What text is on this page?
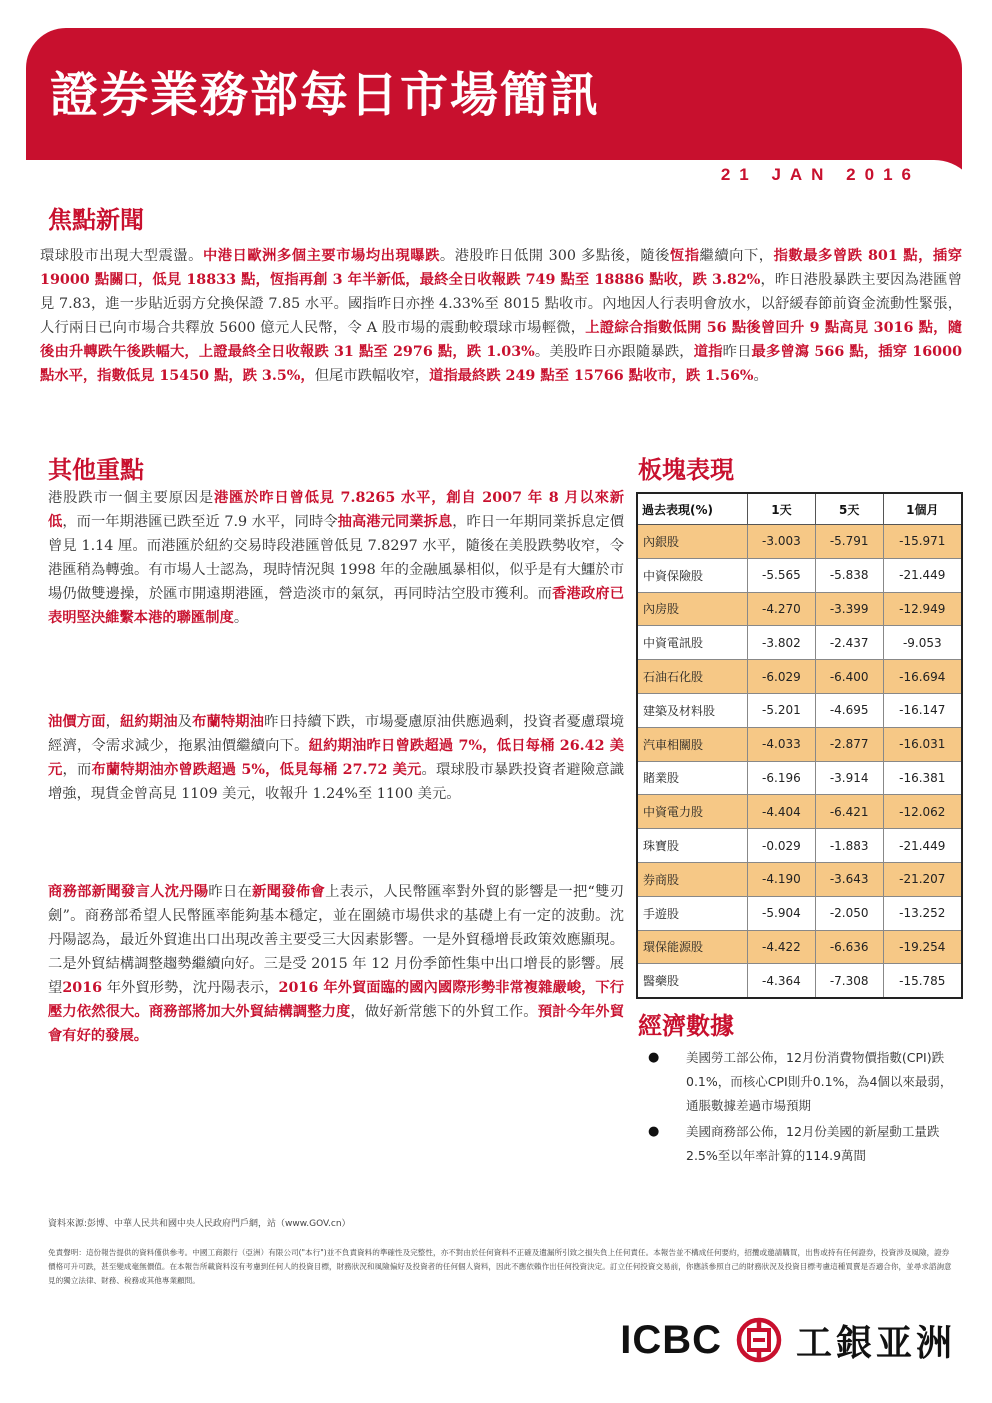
證券業務部每日市場簡訊
21 JAN 2016
焦點新聞
環球股市出現大型震盪。中港日歐洲多個主要市場均出現曝跌。港股昨日低開 300 多點後，隨後恆指繼續向下，指數最多曾跌 801 點，插穿 19000 點關口，低見 18833 點，恆指再創 3 年半新低，最終全日收報跌 749 點至 18886 點收，跌 3.82%，昨日港股暴跌主要因為港匯曾見 7.83，進一步貼近弱方兌換保證 7.85 水平。國指昨日亦挫 4.33%至 8015 點收市。內地因人行表明會放水，以舒緩春節前資金流動性緊張，人行兩日已向市場合共釋放 5600 億元人民幣，令 A 股市場的震動較環球市場輕微，上證綜合指數低開 56 點後曾回升 9 點高見 3016 點，隨後由升轉跌午後跌幅大，上證最終全日收報跌 31 點至 2976 點，跌 1.03%。美股昨日亦跟隨暴跌，道指昨日最多曾瀉 566 點，插穿 16000 點水平，指數低見 15450 點，跌 3.5%，但尾市跌幅收窄，道指最終跌 249 點至 15766 點收市，跌 1.56%。
其他重點
港股跌市一個主要原因是港匯於昨日曾低見 7.8265 水平，創自 2007 年 8 月以來新低，而一年期港匯已跌至近 7.9 水平，同時令抽高港元同業拆息，昨日一年期同業拆息定價曾見 1.14 厘。而港匯於紐約交易時段港匯曾低見 7.8297 水平，隨後在美股跌勢收窄，令港匯稍為轉強。有市場人士認為，現時情況與 1998 年的金融風暴相似，似乎是有大鱷於市場仍做雙邊操，於匯市開遠期港匯，營造淡市的氣氛，再同時沽空股市獲利。而香港政府已表明堅決維繫本港的聯匯制度。
油價方面，紐約期油及布蘭特期油昨日持續下跌，市場憂慮原油供應過剩，投資者憂慮環境經濟，令需求減少，拖累油價繼續向下。紐約期油昨日曾跌超過 7%，低日每桶 26.42 美元，而布蘭特期油亦曾跌超過 5%，低見每桶 27.72 美元。環球股市暴跌投資者避險意識增強，現貨金曾高見 1109 美元，收報升 1.24%至 1100 美元。
商務部新聞發言人沈丹陽昨日在新聞發佈會上表示，人民幣匯率對外貿的影響是一把“雙刃劍”。商務部希望人民幣匯率能夠基本穩定，並在圍繞市場供求的基礎上有一定的波動。沈丹陽認為，最近外貿進出口出現改善主要受三大因素影響。一是外貿穩增長政策效應顯現。二是外貿結構調整趨勢繼續向好。三是受 2015 年 12 月份季節性集中出口增長的影響。展望2016 年外貿形勢，沈丹陽表示，2016 年外貿面臨的國內國際形勢非常複雜嚴峻，下行壓力依然很大。商務部將加大外貿結構調整力度，做好新常態下的外貿工作。預計今年外貿會有好的發展。
板塊表現
過去表現(%)	1天	5天	1個月
內銀股	-3.003	-5.791	-15.971
中資保險股	-5.565	-5.838	-21.449
內房股	-4.270	-3.399	-12.949
中資電訊股	-3.802	-2.437	-9.053
石油石化股	-6.029	-6.400	-16.694
建築及材料股	-5.201	-4.695	-16.147
汽車相關股	-4.033	-2.877	-16.031
賭業股	-6.196	-3.914	-16.381
中資電力股	-4.404	-6.421	-12.062
珠寶股	-0.029	-1.883	-21.449
券商股	-4.190	-3.643	-21.207
手遊股	-5.904	-2.050	-13.252
環保能源股	-4.422	-6.636	-19.254
醫藥股	-4.364	-7.308	-15.785
經濟數據
● 美國勞工部公佈，12月份消費物價指數(CPI)跌0.1%，而核心CPI則升0.1%，為4個以來最弱，通脹數據差過市場預期
● 美國商務部公佈，12月份美國的新屋動工量跌2.5%至以年率計算的114.9萬間
資料來源:彭博、中華人民共和國中央人民政府門戶網，站（www.GOV.cn）
免責聲明：這份報告提供的資料僅供參考。中國工商銀行（亞洲）有限公司("本行")並不負責資料的準確性及完整性，亦不對由於任何資料不正確及遺漏所引致之損失負上任何責任。本報告並不構成任何要約，招攬或邀請購買，出售或持有任何證券，投資涉及風險，證券價格可升可跌，甚至變成毫無價值。在本報告所載資料沒有考慮到任何人的投資目標，財務狀況和風險偏好及投資者的任何個人資料，因此不應依賴作出任何投資決定。訂立任何投資交易前，你應該參照自己的財務狀況及投資目標考慮這種買賣是否適合你，並尋求諮詢意見的獨立法律、財務、稅務或其他專業顧問。
ICBC 工銀亚洲
